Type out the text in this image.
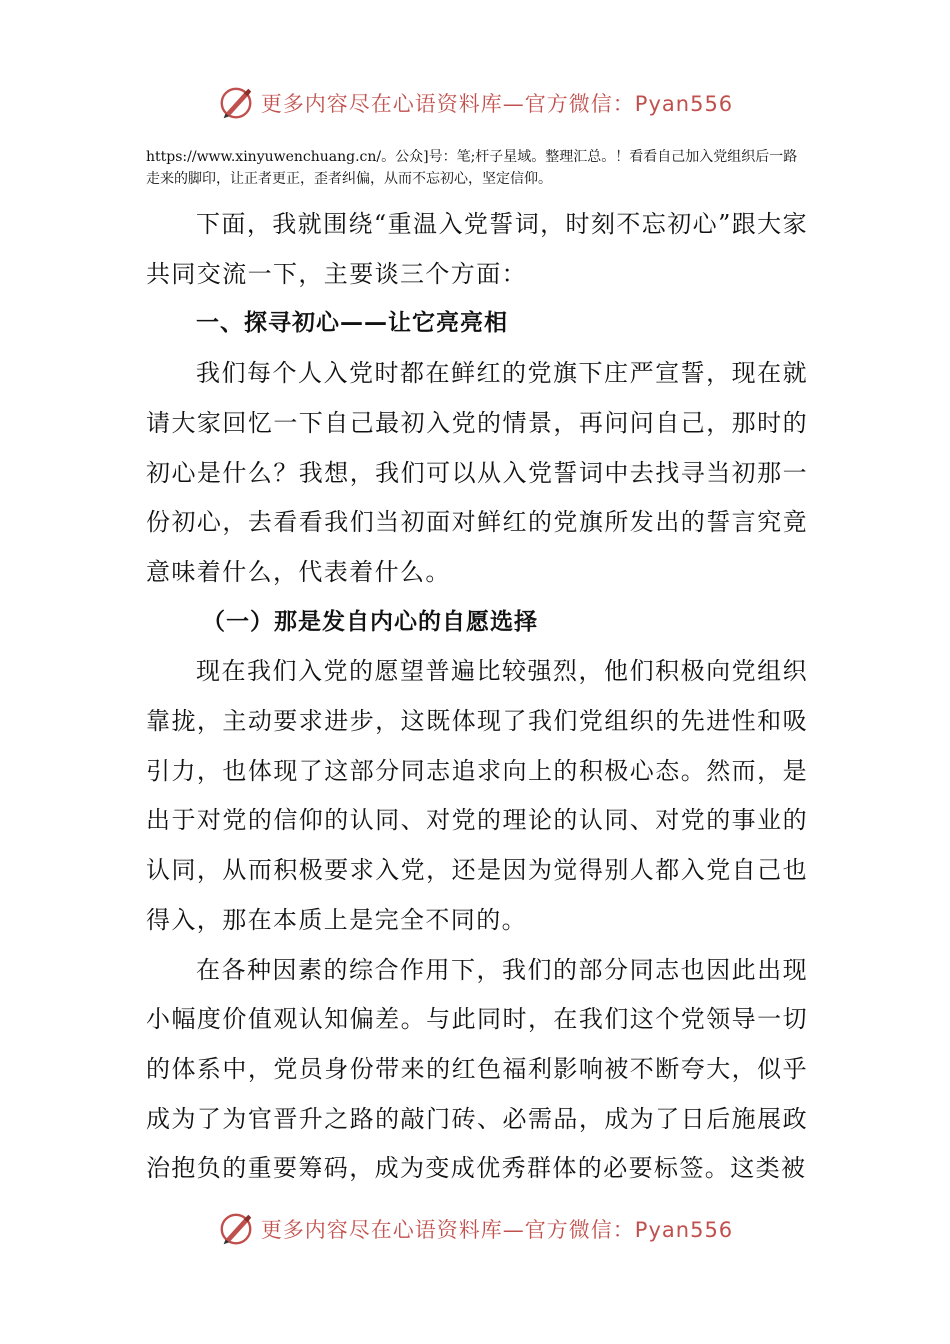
更多内容尽在心语资料库—官方微信：Pyan556

https://www.xinyuwenchuang.cn/。公众]号：笔;杆子星域。整理汇总。！看看自己加入党组织后一路走来的脚印，让正者更正，歪者纠偏，从而不忘初心，坚定信仰。

下面，我就围绕“重温入党誓词，时刻不忘初心”跟大家共同交流一下，主要谈三个方面：

一、探寻初心——让它亮亮相

我们每个人入党时都在鲜红的党旗下庄严宣誓，现在就请大家回忆一下自己最初入党的情景，再问问自己，那时的初心是什么？我想，我们可以从入党誓词中去找寻当初那一份初心，去看看我们当初面对鲜红的党旗所发出的誓言究竟意味着什么，代表着什么。

（一）那是发自内心的自愿选择

现在我们入党的愿望普遍比较强烈，他们积极向党组织靠拢，主动要求进步，这既体现了我们党组织的先进性和吸引力，也体现了这部分同志追求向上的积极心态。然而，是出于对党的信仰的认同、对党的理论的认同、对党的事业的认同，从而积极要求入党，还是因为觉得别人都入党自己也得入，那在本质上是完全不同的。

在各种因素的综合作用下，我们的部分同志也因此出现小幅度价值观认知偏差。与此同时，在我们这个党领导一切的体系中，党员身份带来的红色福利影响被不断夸大，似乎成为了为官晋升之路的敲门砖、必需品，成为了日后施展政治抱负的重要筹码，成为变成优秀群体的必要标签。这类被

更多内容尽在心语资料库—官方微信：Pyan556
